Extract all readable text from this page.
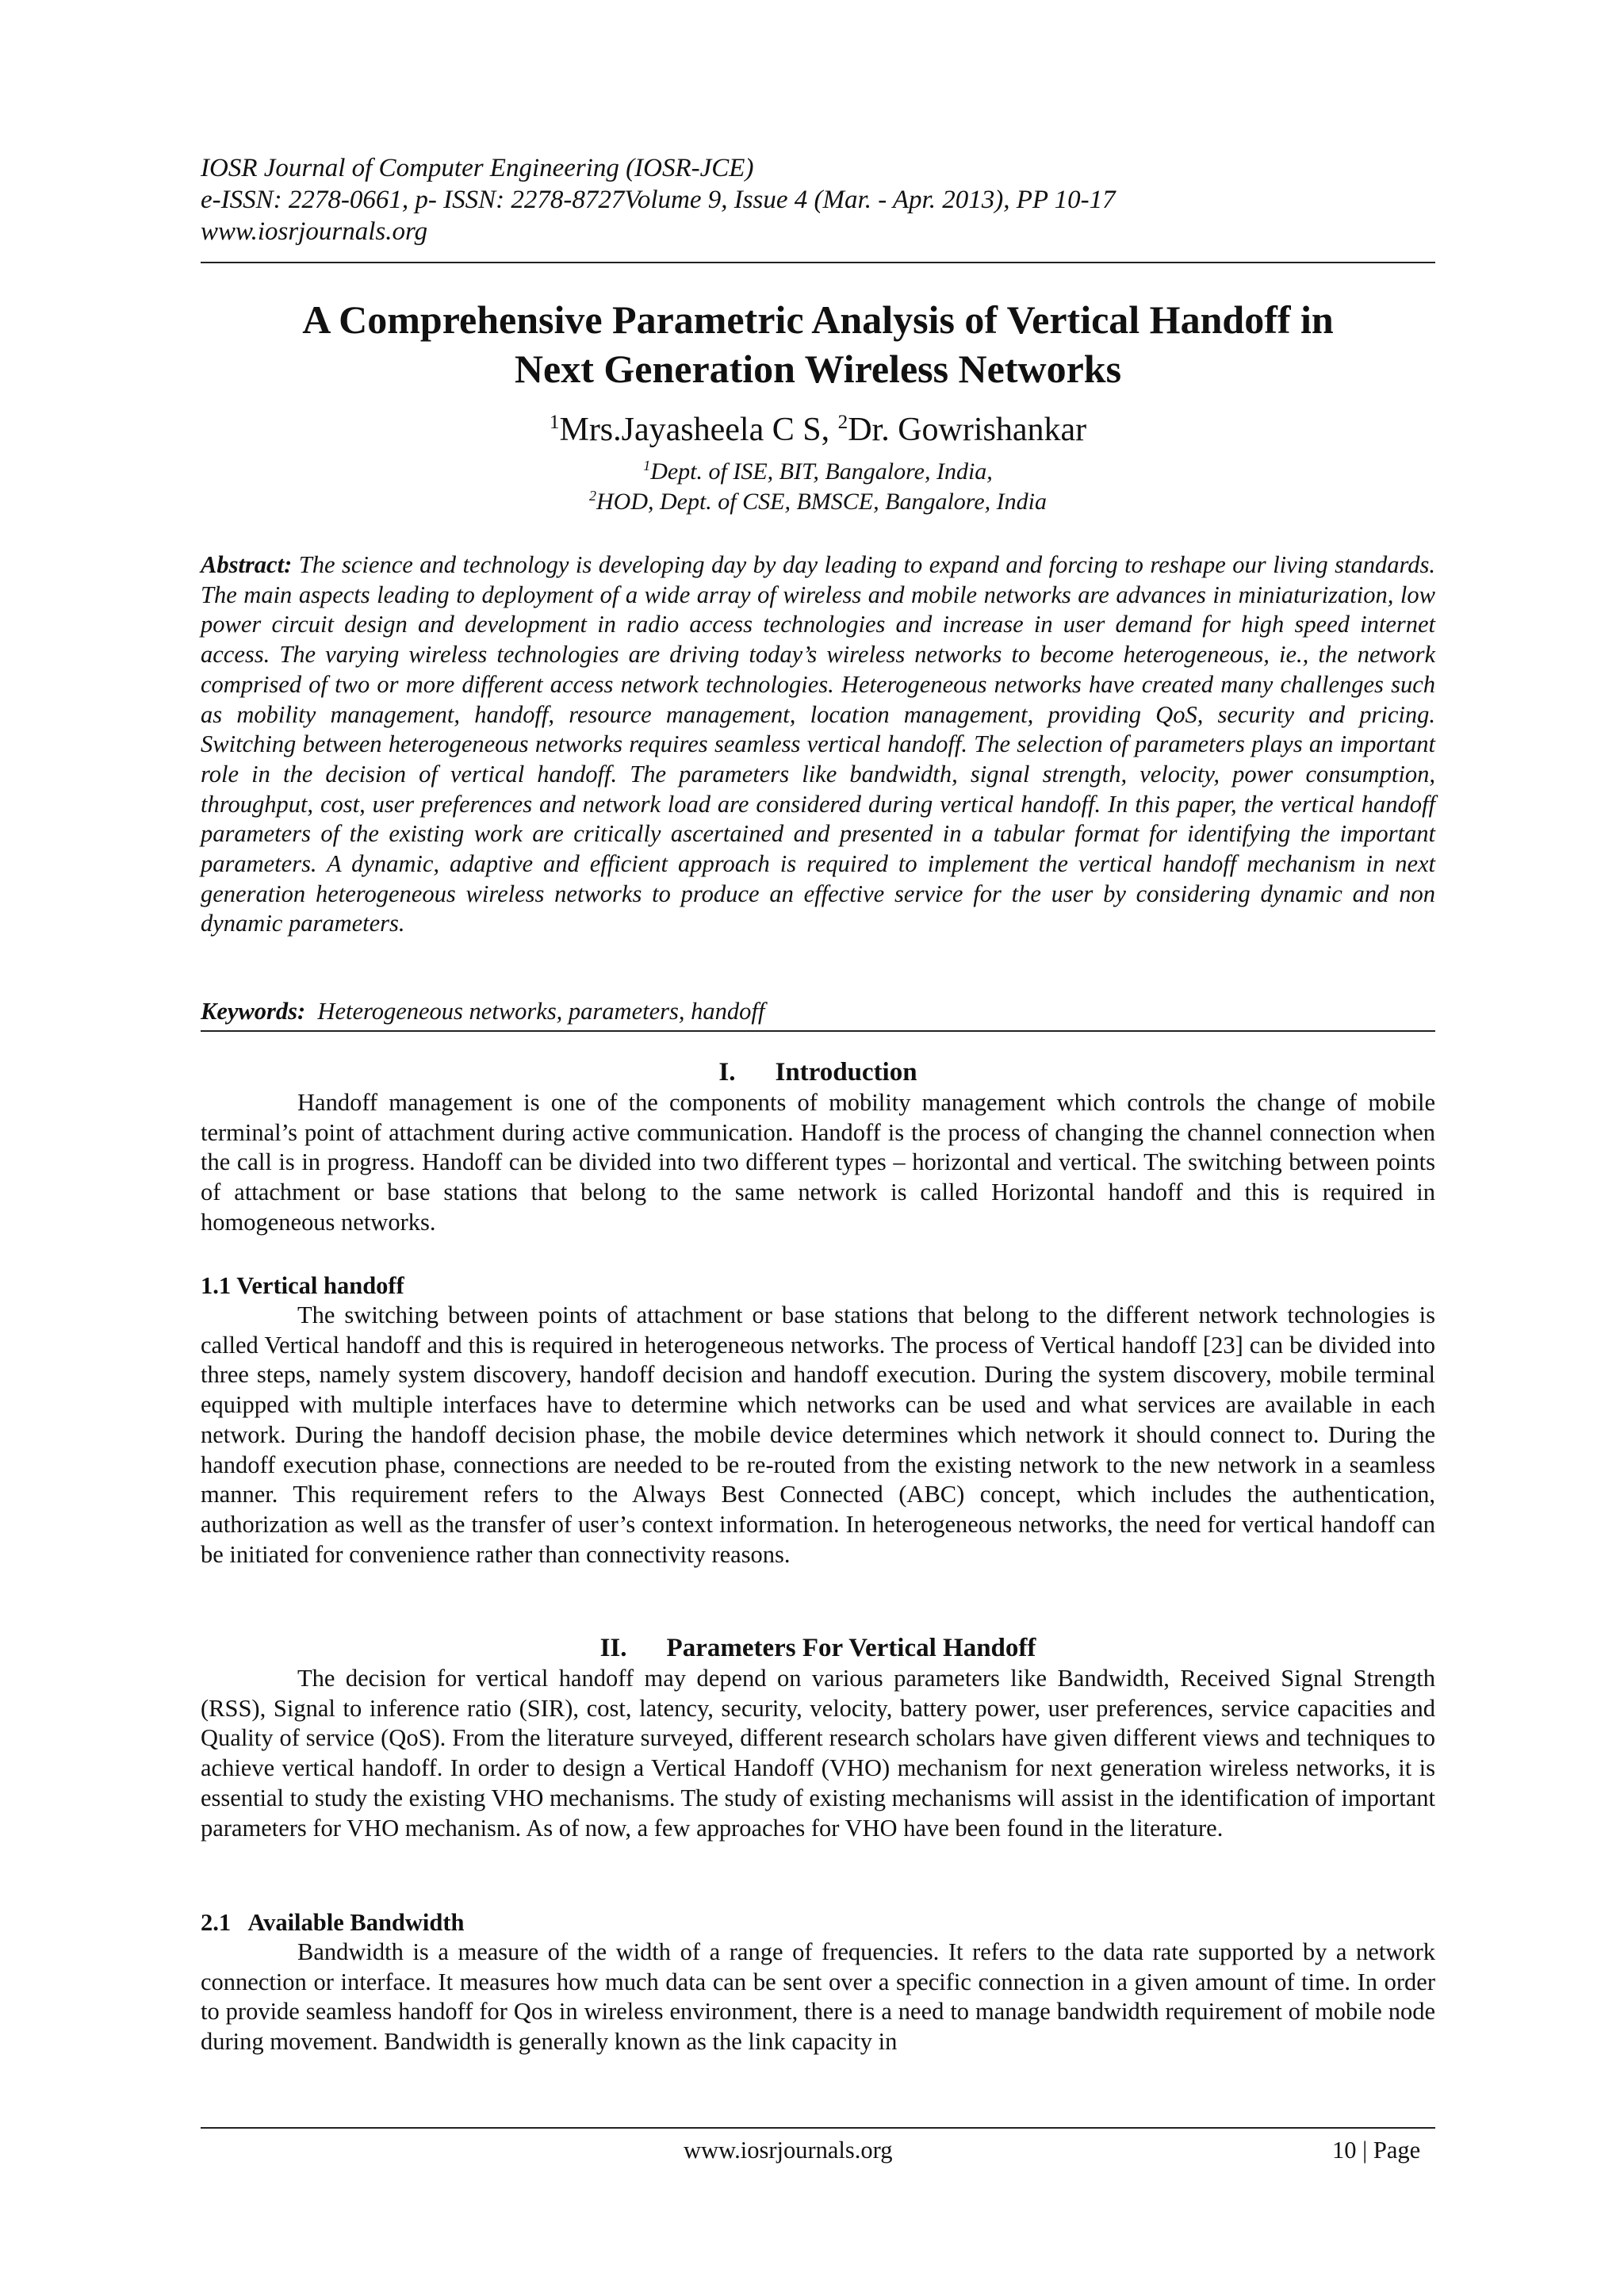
IOSR Journal of Computer Engineering (IOSR-JCE)
e-ISSN: 2278-0661, p- ISSN: 2278-8727Volume 9, Issue 4 (Mar. - Apr. 2013), PP 10-17
www.iosrjournals.org
A Comprehensive Parametric Analysis of Vertical Handoff in
Next Generation Wireless Networks
$^1$Mrs.Jayasheela C S, $^2$Dr. Gowrishankar
$^1$Dept. of ISE, BIT, Bangalore, India,
$^2$HOD, Dept. of CSE, BMSCE, Bangalore, India
Abstract: The science and technology is developing day by day leading to expand and forcing to reshape our living standards. The main aspects leading to deployment of a wide array of wireless and mobile networks are advances in miniaturization, low power circuit design and development in radio access technologies and increase in user demand for high speed internet access. The varying wireless technologies are driving today’s wireless networks to become heterogeneous, ie., the network comprised of two or more different access network technologies. Heterogeneous networks have created many challenges such as mobility management, handoff, resource management, location management, providing QoS, security and pricing. Switching between heterogeneous networks requires seamless vertical handoff. The selection of parameters plays an important role in the decision of vertical handoff. The parameters like bandwidth, signal strength, velocity, power consumption, throughput, cost, user preferences and network load are considered during vertical handoff. In this paper, the vertical handoff parameters of the existing work are critically ascertained and presented in a tabular format for identifying the important parameters. A dynamic, adaptive and efficient approach is required to implement the vertical handoff mechanism in next generation heterogeneous wireless networks to produce an effective service for the user by considering dynamic and non dynamic parameters.
Keywords:  Heterogeneous networks, parameters, handoff
I. Introduction
Handoff management is one of the components of mobility management which controls the change of mobile terminal’s point of attachment during active communication. Handoff is the process of changing the channel connection when the call is in progress. Handoff can be divided into two different types – horizontal and vertical. The switching between points of attachment or base stations that belong to the same network is called Horizontal handoff and this is required in homogeneous networks.
1.1 Vertical handoff
The switching between points of attachment or base stations that belong to the different network technologies is called Vertical handoff and this is required in heterogeneous networks. The process of Vertical handoff [23] can be divided into three steps, namely system discovery, handoff decision and handoff execution. During the system discovery, mobile terminal equipped with multiple interfaces have to determine which networks can be used and what services are available in each network. During the handoff decision phase, the mobile device determines which network it should connect to. During the handoff execution phase, connections are needed to be re-routed from the existing network to the new network in a seamless manner. This requirement refers to the Always Best Connected (ABC) concept, which includes the authentication, authorization as well as the transfer of user’s context information. In heterogeneous networks, the need for vertical handoff can be initiated for convenience rather than connectivity reasons.
II. Parameters For Vertical Handoff
The decision for vertical handoff may depend on various parameters like Bandwidth, Received Signal Strength (RSS), Signal to inference ratio (SIR), cost, latency, security, velocity, battery power, user preferences, service capacities and Quality of service (QoS). From the literature surveyed, different research scholars have given different views and techniques to achieve vertical handoff. In order to design a Vertical Handoff (VHO) mechanism for next generation wireless networks, it is essential to study the existing VHO mechanisms. The study of existing mechanisms will assist in the identification of important parameters for VHO mechanism. As of now, a few approaches for VHO have been found in the literature.
2.1   Available Bandwidth
Bandwidth is a measure of the width of a range of frequencies. It refers to the data rate supported by a network connection or interface. It measures how much data can be sent over a specific connection in a given amount of time. In order to provide seamless handoff for Qos in wireless environment, there is a need to manage bandwidth requirement of mobile node during movement. Bandwidth is generally known as the link capacity in
www.iosrjournals.org	10 | Page
